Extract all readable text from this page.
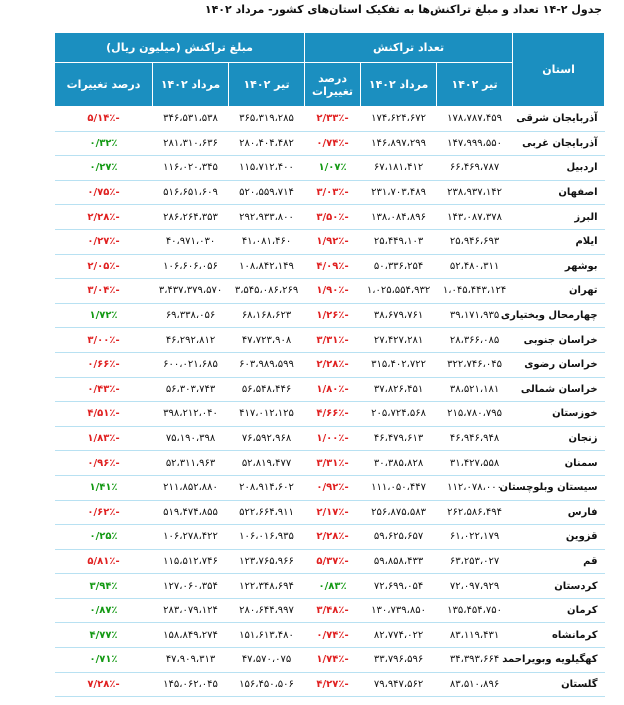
جدول ۲-۱۴ تعداد و مبلغ تراکنش‌ها به تفکیک استان‌های کشور- مرداد ۱۴۰۲
استان	تعداد تراکنش			مبلغ تراکنش (میلیون ریال)		
	تیر ۱۴۰۲	مرداد ۱۴۰۲	درصد تغییرات	تیر ۱۴۰۲	مرداد ۱۴۰۲	درصد تغییرات
آذربایجان شرقی	۱۷۸،۷۸۷،۴۵۹	۱۷۴،۶۲۴،۶۷۲	-۲/۳۳٪	۳۶۵،۳۱۹،۲۸۵	۳۴۶،۵۳۱،۵۳۸	-۵/۱۴٪
آذربایجان غربی	۱۴۷،۹۹۹،۵۵۰	۱۴۶،۸۹۷،۲۹۹	-۰/۷۴٪	۲۸۰،۴۰۴،۴۸۲	۲۸۱،۳۱۰،۶۳۶	۰/۳۲٪
اردبیل	۶۶،۴۶۹،۷۸۷	۶۷،۱۸۱،۴۱۲	۱/۰۷٪	۱۱۵،۷۱۲،۴۰۰	۱۱۶،۰۲۰،۳۴۵	۰/۲۷٪
اصفهان	۲۳۸،۹۳۷،۱۴۲	۲۳۱،۷۰۳،۴۸۹	-۳/۰۳٪	۵۲۰،۵۵۹،۷۱۴	۵۱۶،۶۵۱،۶۰۹	-۰/۷۵٪
البرز	۱۴۳،۰۸۷،۳۷۸	۱۳۸،۰۸۴،۸۹۶	-۳/۵۰٪	۲۹۲،۹۳۳،۸۰۰	۲۸۶،۲۶۴،۳۵۳	-۲/۲۸٪
ایلام	۲۵،۹۴۶،۶۹۳	۲۵،۴۴۹،۱۰۳	-۱/۹۲٪	۴۱،۰۸۱،۴۶۰	۴۰،۹۷۱،۰۳۰	-۰/۲۷٪
بوشهر	۵۲،۴۸۰،۳۱۱	۵۰،۳۳۶،۲۵۴	-۴/۰۹٪	۱۰۸،۸۴۲،۱۴۹	۱۰۶،۶۰۶،۰۵۶	-۲/۰۵٪
تهران	۱،۰۴۵،۴۴۳،۱۲۴	۱،۰۲۵،۵۵۴،۹۳۲	-۱/۹۰٪	۳،۵۴۵،۰۸۶،۲۶۹	۳،۴۳۷،۳۷۹،۵۷۰	-۳/۰۴٪
چهارمحال وبختیاری	۳۹،۱۷۱،۹۳۵	۳۸،۶۷۹،۷۶۱	-۱/۲۶٪	۶۸،۱۶۸،۶۲۳	۶۹،۳۳۸،۰۵۶	۱/۷۲٪
خراسان جنوبی	۲۸،۳۶۶،۰۸۵	۲۷،۴۲۷،۲۸۱	-۳/۳۱٪	۴۷،۷۲۳،۹۰۸	۴۶،۲۹۲،۸۱۲	-۳/۰۰٪
خراسان رضوی	۳۲۲،۷۴۶،۰۴۵	۳۱۵،۴۰۲،۷۲۲	-۲/۲۸٪	۶۰۳،۹۸۹،۵۹۹	۶۰۰،۰۲۱،۶۸۵	-۰/۶۶٪
خراسان شمالی	۳۸،۵۲۱،۱۸۱	۳۷،۸۲۶،۴۵۱	-۱/۸۰٪	۵۶،۵۴۸،۴۴۶	۵۶،۳۰۳،۷۴۳	-۰/۴۳٪
خوزستان	۲۱۵،۷۸۰،۷۹۵	۲۰۵،۷۲۴،۵۶۸	-۴/۶۶٪	۴۱۷،۰۱۲،۱۲۵	۳۹۸،۲۱۲،۰۴۰	-۴/۵۱٪
زنجان	۴۶،۹۴۶،۹۴۸	۴۶،۴۷۹،۶۱۳	-۱/۰۰٪	۷۶،۵۹۲،۹۶۸	۷۵،۱۹۰،۳۹۸	-۱/۸۳٪
سمنان	۳۱،۴۲۷،۵۵۸	۳۰،۳۸۵،۸۲۸	-۳/۳۱٪	۵۲،۸۱۹،۴۷۷	۵۲،۳۱۱،۹۶۳	-۰/۹۶٪
سیستان وبلوچستان	۱۱۲،۰۷۸،۰۰۰	۱۱۱،۰۵۰،۴۴۷	-۰/۹۲٪	۲۰۸،۹۱۴،۶۰۲	۲۱۱،۸۵۲،۸۸۰	۱/۴۱٪
فارس	۲۶۲،۵۸۶،۴۹۴	۲۵۶،۸۷۵،۵۸۳	-۲/۱۷٪	۵۲۲،۶۶۴،۹۱۱	۵۱۹،۴۷۴،۸۵۵	-۰/۶۲٪
قزوین	۶۱،۰۲۲،۱۷۹	۵۹،۶۲۵،۶۵۷	-۲/۲۸٪	۱۰۶،۰۱۶،۹۳۵	۱۰۶،۲۷۸،۴۲۲	۰/۲۵٪
قم	۶۳،۲۵۳،۰۲۷	۵۹،۸۵۸،۴۳۳	-۵/۳۷٪	۱۲۳،۷۶۵،۹۶۶	۱۱۵،۵۱۲،۷۴۶	-۵/۸۱٪
کردستان	۷۲،۰۹۷،۹۲۹	۷۲،۶۹۹،۰۵۴	۰/۸۳٪	۱۲۲،۳۴۸،۶۹۴	۱۲۷،۰۶۰،۳۵۴	۳/۹۴٪
کرمان	۱۳۵،۴۵۴،۷۵۰	۱۳۰،۷۳۹،۸۵۰	-۳/۴۸٪	۲۸۰،۶۴۴،۹۹۷	۲۸۳،۰۷۹،۱۲۴	۰/۸۷٪
کرمانشاه	۸۳،۱۱۹،۴۳۱	۸۲،۷۷۴،۰۲۲	-۰/۷۴٪	۱۵۱،۶۱۳،۴۸۰	۱۵۸،۸۴۹،۲۷۴	۴/۷۷٪
کهگیلویه وبویراحمد	۳۴،۳۹۳،۶۶۴	۳۳،۷۹۶،۵۹۶	-۱/۷۴٪	۴۷،۵۷۰،۰۷۵	۴۷،۹۰۹،۳۱۳	۰/۷۱٪
گلستان	۸۳،۵۱۰،۸۹۶	۷۹،۹۴۷،۵۶۲	-۴/۲۷٪	۱۵۶،۴۵۰،۵۰۶	۱۴۵،۰۶۲،۰۴۵	-۷/۲۸٪
